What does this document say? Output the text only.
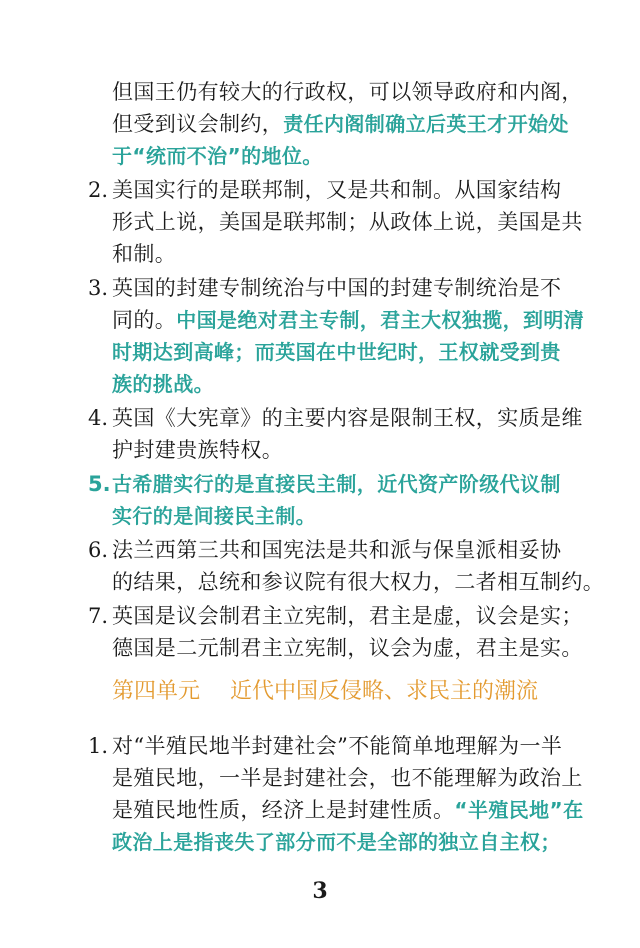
但国王仍有较大的行政权，可以领导政府和内阁，
但受到议会制约，责任内阁制确立后英王才开始处
于“统而不治”的地位。
2. 美国实行的是联邦制，又是共和制。从国家结构
形式上说，美国是联邦制；从政体上说，美国是共
和制。
3. 英国的封建专制统治与中国的封建专制统治是不
同的。中国是绝对君主专制，君主大权独揽，到明清
时期达到高峰；而英国在中世纪时，王权就受到贵
族的挑战。
4. 英国《大宪章》的主要内容是限制王权，实质是维
护封建贵族特权。
5. 古希腊实行的是直接民主制，近代资产阶级代议制
实行的是间接民主制。
6. 法兰西第三共和国宪法是共和派与保皇派相妥协
的结果，总统和参议院有很大权力，二者相互制约。
7. 英国是议会制君主立宪制，君主是虚，议会是实；
德国是二元制君主立宪制，议会为虚，君主是实。
第四单元 近代中国反侵略、求民主的潮流
1. 对“半殖民地半封建社会”不能简单地理解为一半
是殖民地，一半是封建社会，也不能理解为政治上
是殖民地性质，经济上是封建性质。“半殖民地”在
政治上是指丧失了部分而不是全部的独立自主权；
3
